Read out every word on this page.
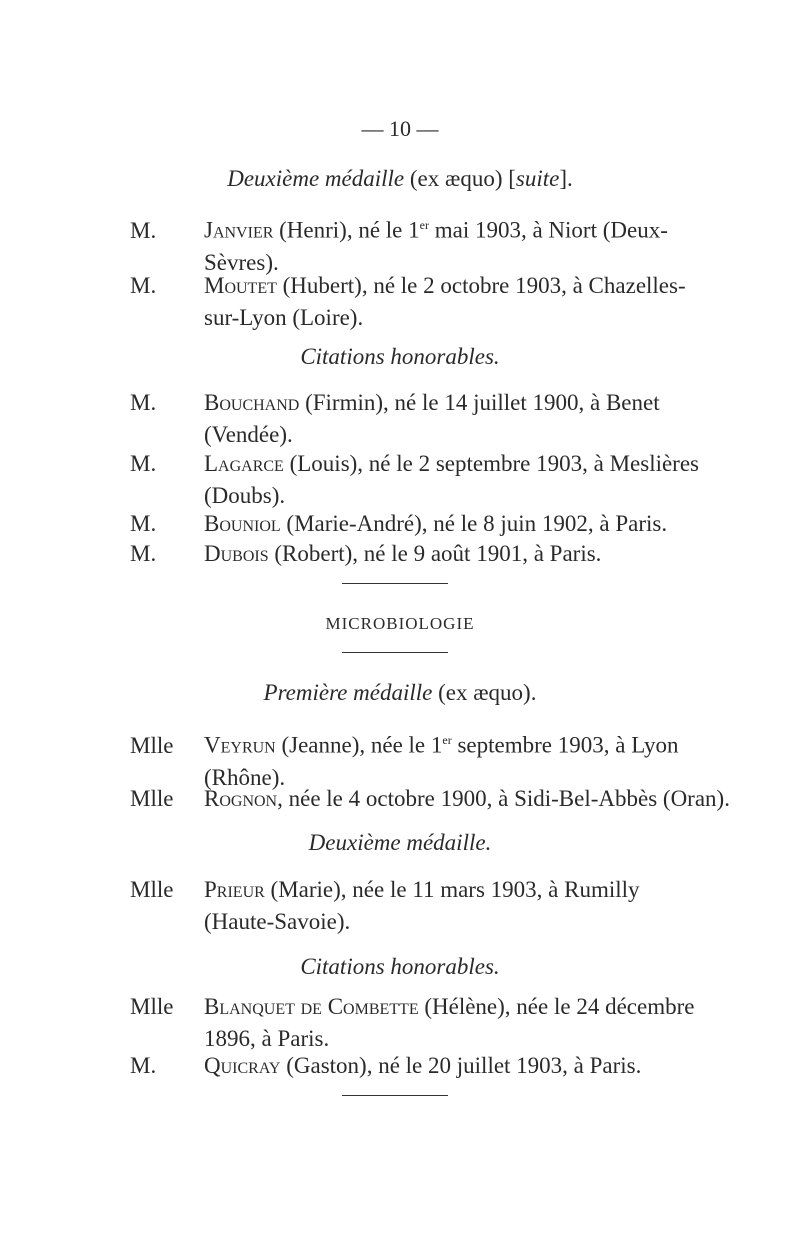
— 10 —
Deuxième médaille (ex æquo) [suite].
M. Janvier (Henri), né le 1er mai 1903, à Niort (Deux-
Sèvres).
M. Moutet (Hubert), né le 2 octobre 1903, à Chazelles-
sur-Lyon (Loire).
Citations honorables.
M. Bouchand (Firmin), né le 14 juillet 1900, à Benet
(Vendée).
M. Lagarce (Louis), né le 2 septembre 1903, à Meslières
(Doubs).
M. Bouniol (Marie-André), né le 8 juin 1902, à Paris.
M. Dubois (Robert), né le 9 août 1901, à Paris.
MICROBIOLOGIE
Première médaille (ex æquo).
Mlle Veyrun (Jeanne), née le 1er septembre 1903, à Lyon
(Rhône).
Mlle Rognon, née le 4 octobre 1900, à Sidi-Bel-Abbès (Oran).
Deuxième médaille.
Mlle Prieur (Marie), née le 11 mars 1903, à Rumilly
(Haute-Savoie).
Citations honorables.
Mlle Blanquet de Combette (Hélène), née le 24 décembre
1896, à Paris.
M. Quicray (Gaston), né le 20 juillet 1903, à Paris.
